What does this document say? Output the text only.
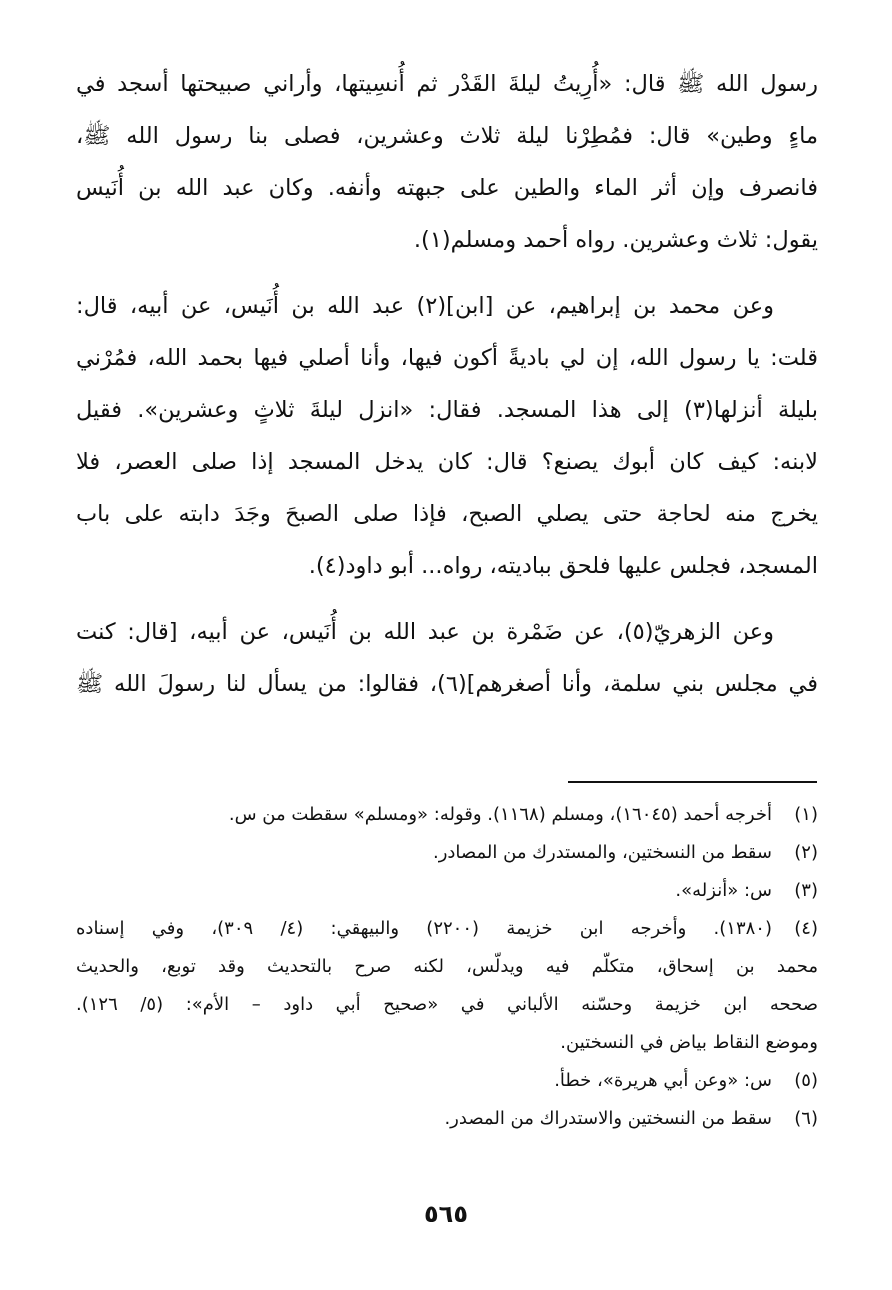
رسول الله ﷺ قال: «أُرِيتُ ليلةَ القَدْر ثم أُنسِيتها، وأراني صبيحتها أسجد في
ماءٍ وطين» قال: فمُطِرْنا ليلة ثلاث وعشرين، فصلى بنا رسول الله ﷺ،
فانصرف وإن أثر الماء والطين على جبهته وأنفه. وكان عبد الله بن أُنَيس
يقول: ثلاث وعشرين. رواه أحمد ومسلم(١).
وعن محمد بن إبراهيم، عن [ابن](٢) عبد الله بن أُنَيس، عن أبيه، قال:
قلت: يا رسول الله، إن لي باديةً أكون فيها، وأنا أصلي فيها بحمد الله، فمُرْني
بليلة أنزلها(٣) إلى هذا المسجد. فقال: «انزل ليلةَ ثلاثٍ وعشرين». فقيل
لابنه: كيف كان أبوك يصنع؟ قال: كان يدخل المسجد إذا صلى العصر، فلا
يخرج منه لحاجة حتى يصلي الصبح، فإذا صلى الصبحَ وجَدَ دابته على باب
المسجد، فجلس عليها فلحق ببادیته، رواه... أبو داود(٤).
وعن الزهريّ(٥)، عن ضَمْرة بن عبد الله بن أُنَيس، عن أبيه، [قال: كنت
في مجلس بني سلمة، وأنا أصغرهم](٦)، فقالوا: من يسأل لنا رسولَ الله ﷺ
(١)
أخرجه أحمد (١٦٠٤٥)، ومسلم (١١٦٨). وقوله: «ومسلم» سقطت من س.
(٢)
سقط من النسختين، والمستدرك من المصادر.
(٣)
س: «أنزله».
(٤)
(١٣٨٠). وأخرجه ابن خزيمة (٢٢٠٠) والبيهقي: (٤/ ٣٠٩)، وفي إسناده
محمد بن إسحاق، متكلّم فيه ويدلّس، لكنه صرح بالتحديث وقد توبع، والحديث
صححه ابن خزيمة وحسّنه الألباني في «صحيح أبي داود – الأم»: (٥/ ١٢٦).
وموضع النقاط بياض في النسختين.
(٥)
س: «وعن أبي هريرة»، خطأ.
(٦)
سقط من النسختين والاستدراك من المصدر.
٥٦٥
